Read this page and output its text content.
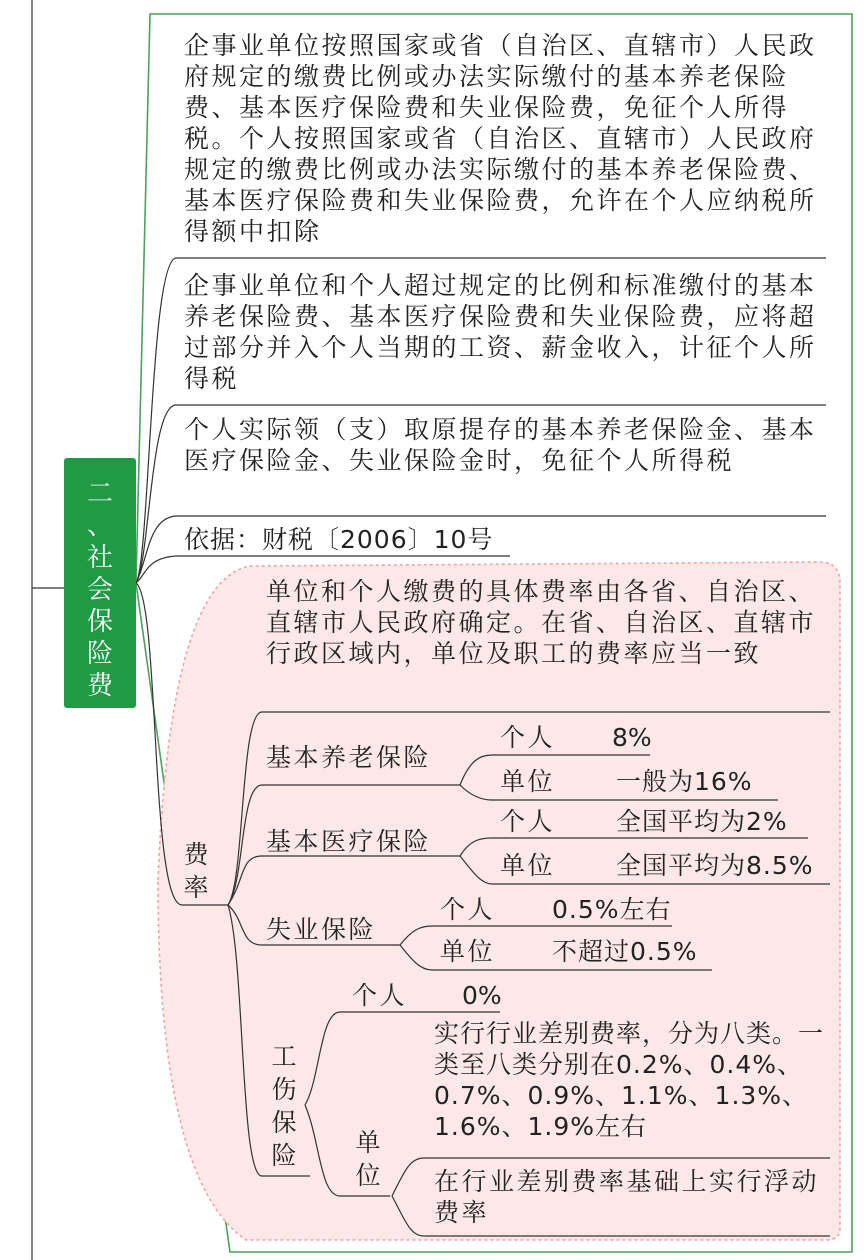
二
、
社
会
保
险
费
企事业单位按照国家或省（自治区、直辖市）人民政府规定的缴费比例或办法实际缴付的基本养老保险费、基本医疗保险费和失业保险费，免征个人所得税。个人按照国家或省（自治区、直辖市）人民政府规定的缴费比例或办法实际缴付的基本养老保险费、基本医疗保险费和失业保险费，允许在个人应纳税所得额中扣除
企事业单位和个人超过规定的比例和标准缴付的基本养老保险费、基本医疗保险费和失业保险费，应将超过部分并入个人当期的工资、薪金收入，计征个人所得税
个人实际领（支）取原提存的基本养老保险金、基本医疗保险金、失业保险金时，免征个人所得税
依据：财税〔2006〕10号
费
率
单位和个人缴费的具体费率由各省、自治区、直辖市人民政府确定。在省、自治区、直辖市行政区域内，单位及职工的费率应当一致
基本养老保险
个人 8%
单位 一般为16%
基本医疗保险
个人 全国平均为2%
单位 全国平均为8.5%
失业保险
个人 0.5%左右
单位 不超过0.5%
工
伤
保
险
个人 0%
单
位
实行行业差别费率，分为八类。一类至八类分别在0.2%、0.4%、0.7%、0.9%、1.1%、1.3%、1.6%、1.9%左右
在行业差别费率基础上实行浮动费率
